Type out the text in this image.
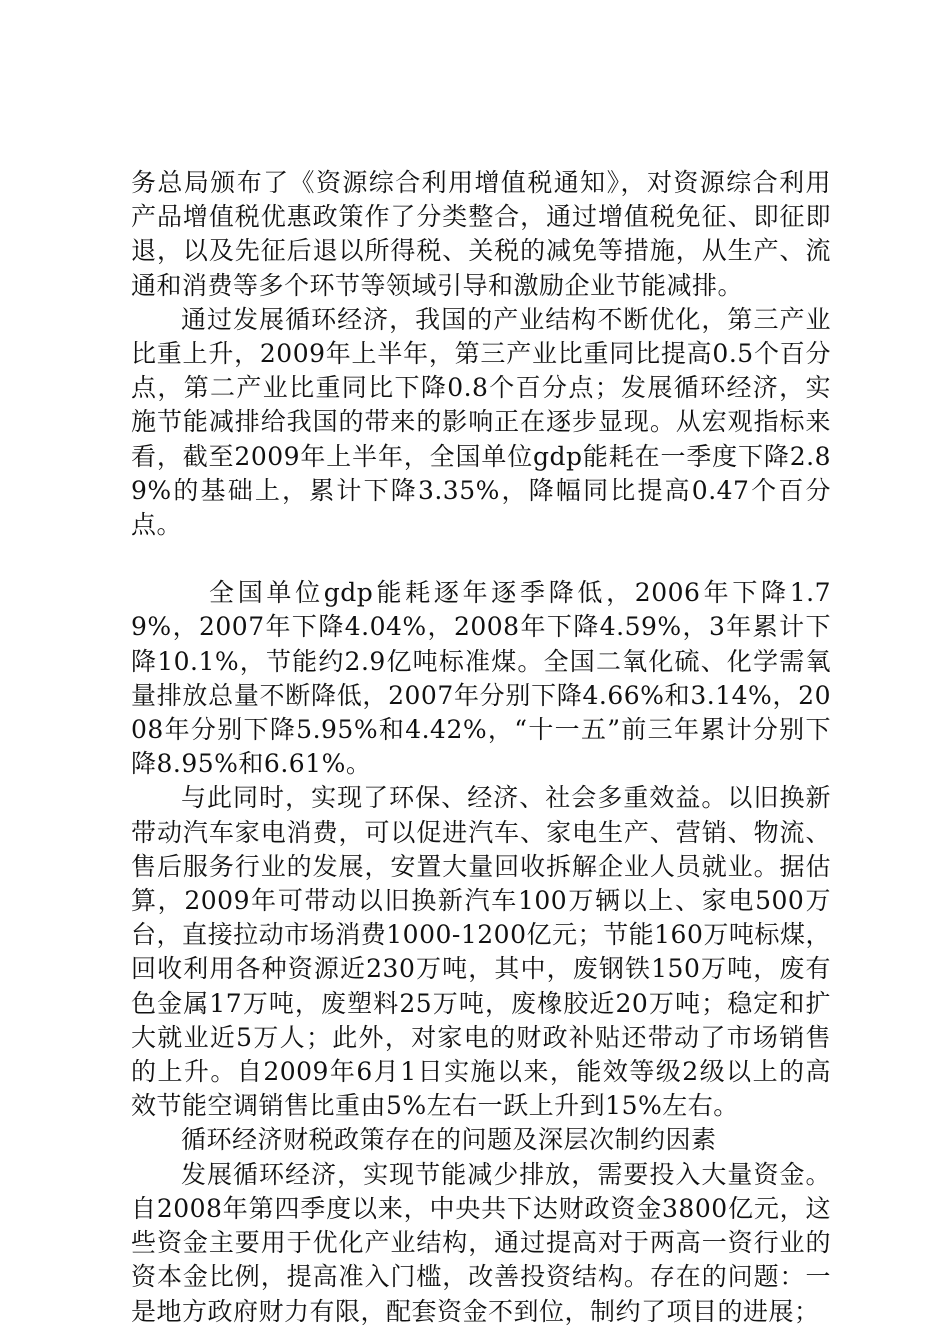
务总局颁布了《资源综合利用增值税通知》，对资源综合利用产品增值税优惠政策作了分类整合，通过增值税免征、即征即退，以及先征后退以所得税、关税的减免等措施，从生产、流通和消费等多个环节等领域引导和激励企业节能减排。

通过发展循环经济，我国的产业结构不断优化，第三产业比重上升，2009年上半年，第三产业比重同比提高0.5个百分点，第二产业比重同比下降0.8个百分点；发展循环经济，实施节能减排给我国的带来的影响正在逐步显现。从宏观指标来看，截至2009年上半年，全国单位gdp能耗在一季度下降2.89%的基础上，累计下降3.35%，降幅同比提高0.47个百分点。

全国单位gdp能耗逐年逐季降低，2006年下降1.79%，2007年下降4.04%，2008年下降4.59%，3年累计下降10.1%，节能约2.9亿吨标准煤。全国二氧化硫、化学需氧量排放总量不断降低，2007年分别下降4.66%和3.14%，2008年分别下降5.95%和4.42%，“十一五”前三年累计分别下降8.95%和6.61%。

与此同时，实现了环保、经济、社会多重效益。以旧换新带动汽车家电消费，可以促进汽车、家电生产、营销、物流、售后服务行业的发展，安置大量回收拆解企业人员就业。据估算，2009年可带动以旧换新汽车100万辆以上、家电500万台，直接拉动市场消费1000-1200亿元；节能160万吨标煤，回收利用各种资源近230万吨，其中，废钢铁150万吨，废有色金属17万吨，废塑料25万吨，废橡胶近20万吨；稳定和扩大就业近5万人；此外，对家电的财政补贴还带动了市场销售的上升。自2009年6月1日实施以来，能效等级2级以上的高效节能空调销售比重由5%左右一跃上升到15%左右。

循环经济财税政策存在的问题及深层次制约因素

发展循环经济，实现节能减少排放，需要投入大量资金。自2008年第四季度以来，中央共下达财政资金3800亿元，这些资金主要用于优化产业结构，通过提高对于两高一资行业的资本金比例，提高准入门槛，改善投资结构。存在的问题：一是地方政府财力有限，配套资金不到位，制约了项目的进展；
